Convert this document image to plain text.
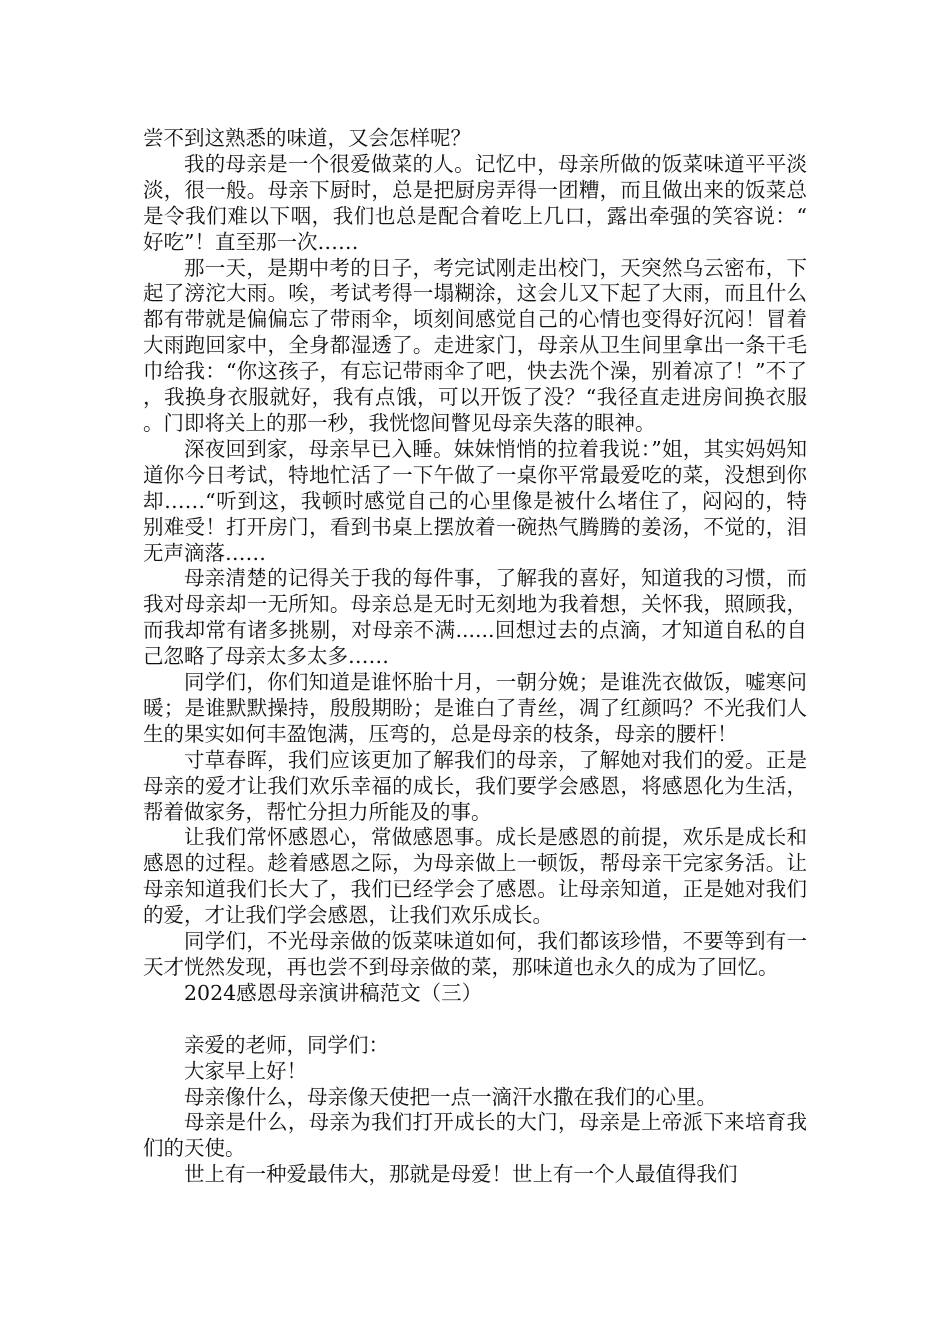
尝不到这熟悉的味道，又会怎样呢？

我的母亲是一个很爱做菜的人。记忆中，母亲所做的饭菜味道平平淡淡，很一般。母亲下厨时，总是把厨房弄得一团糟，而且做出来的饭菜总是令我们难以下咽，我们也总是配合着吃上几口，露出牵强的笑容说：“好吃”！直至那一次……

那一天，是期中考的日子，考完试刚走出校门，天突然乌云密布，下起了滂沱大雨。唉，考试考得一塌糊涂，这会儿又下起了大雨，而且什么都有带就是偏偏忘了带雨伞，顷刻间感觉自己的心情也变得好沉闷！冒着大雨跑回家中，全身都湿透了。走进家门，母亲从卫生间里拿出一条干毛巾给我：“你这孩子，有忘记带雨伞了吧，快去洗个澡，别着凉了！”不了，我换身衣服就好，我有点饿，可以开饭了没？“我径直走进房间换衣服。门即将关上的那一秒，我恍惚间瞥见母亲失落的眼神。

深夜回到家，母亲早已入睡。妹妹悄悄的拉着我说：”姐，其实妈妈知道你今日考试，特地忙活了一下午做了一桌你平常最爱吃的菜，没想到你却……“听到这，我顿时感觉自己的心里像是被什么堵住了，闷闷的，特别难受！打开房门，看到书桌上摆放着一碗热气腾腾的姜汤，不觉的，泪无声滴落……

母亲清楚的记得关于我的每件事，了解我的喜好，知道我的习惯，而我对母亲却一无所知。母亲总是无时无刻地为我着想，关怀我，照顾我，而我却常有诸多挑剔，对母亲不满......回想过去的点滴，才知道自私的自己忽略了母亲太多太多……

同学们，你们知道是谁怀胎十月，一朝分娩；是谁洗衣做饭，嘘寒问暖；是谁默默操持，殷殷期盼；是谁白了青丝，凋了红颜吗？不光我们人生的果实如何丰盈饱满，压弯的，总是母亲的枝条，母亲的腰杆！

寸草春晖，我们应该更加了解我们的母亲，了解她对我们的爱。正是母亲的爱才让我们欢乐幸福的成长，我们要学会感恩，将感恩化为生活，帮着做家务，帮忙分担力所能及的事。

让我们常怀感恩心，常做感恩事。成长是感恩的前提，欢乐是成长和感恩的过程。趁着感恩之际，为母亲做上一顿饭，帮母亲干完家务活。让母亲知道我们长大了，我们已经学会了感恩。让母亲知道，正是她对我们的爱，才让我们学会感恩，让我们欢乐成长。

同学们，不光母亲做的饭菜味道如何，我们都该珍惜，不要等到有一天才恍然发现，再也尝不到母亲做的菜，那味道也永久的成为了回忆。

2024感恩母亲演讲稿范文（三）

亲爱的老师，同学们：

大家早上好！

母亲像什么，母亲像天使把一点一滴汗水撒在我们的心里。

母亲是什么，母亲为我们打开成长的大门，母亲是上帝派下来培育我们的天使。

世上有一种爱最伟大，那就是母爱！世上有一个人最值得我们
